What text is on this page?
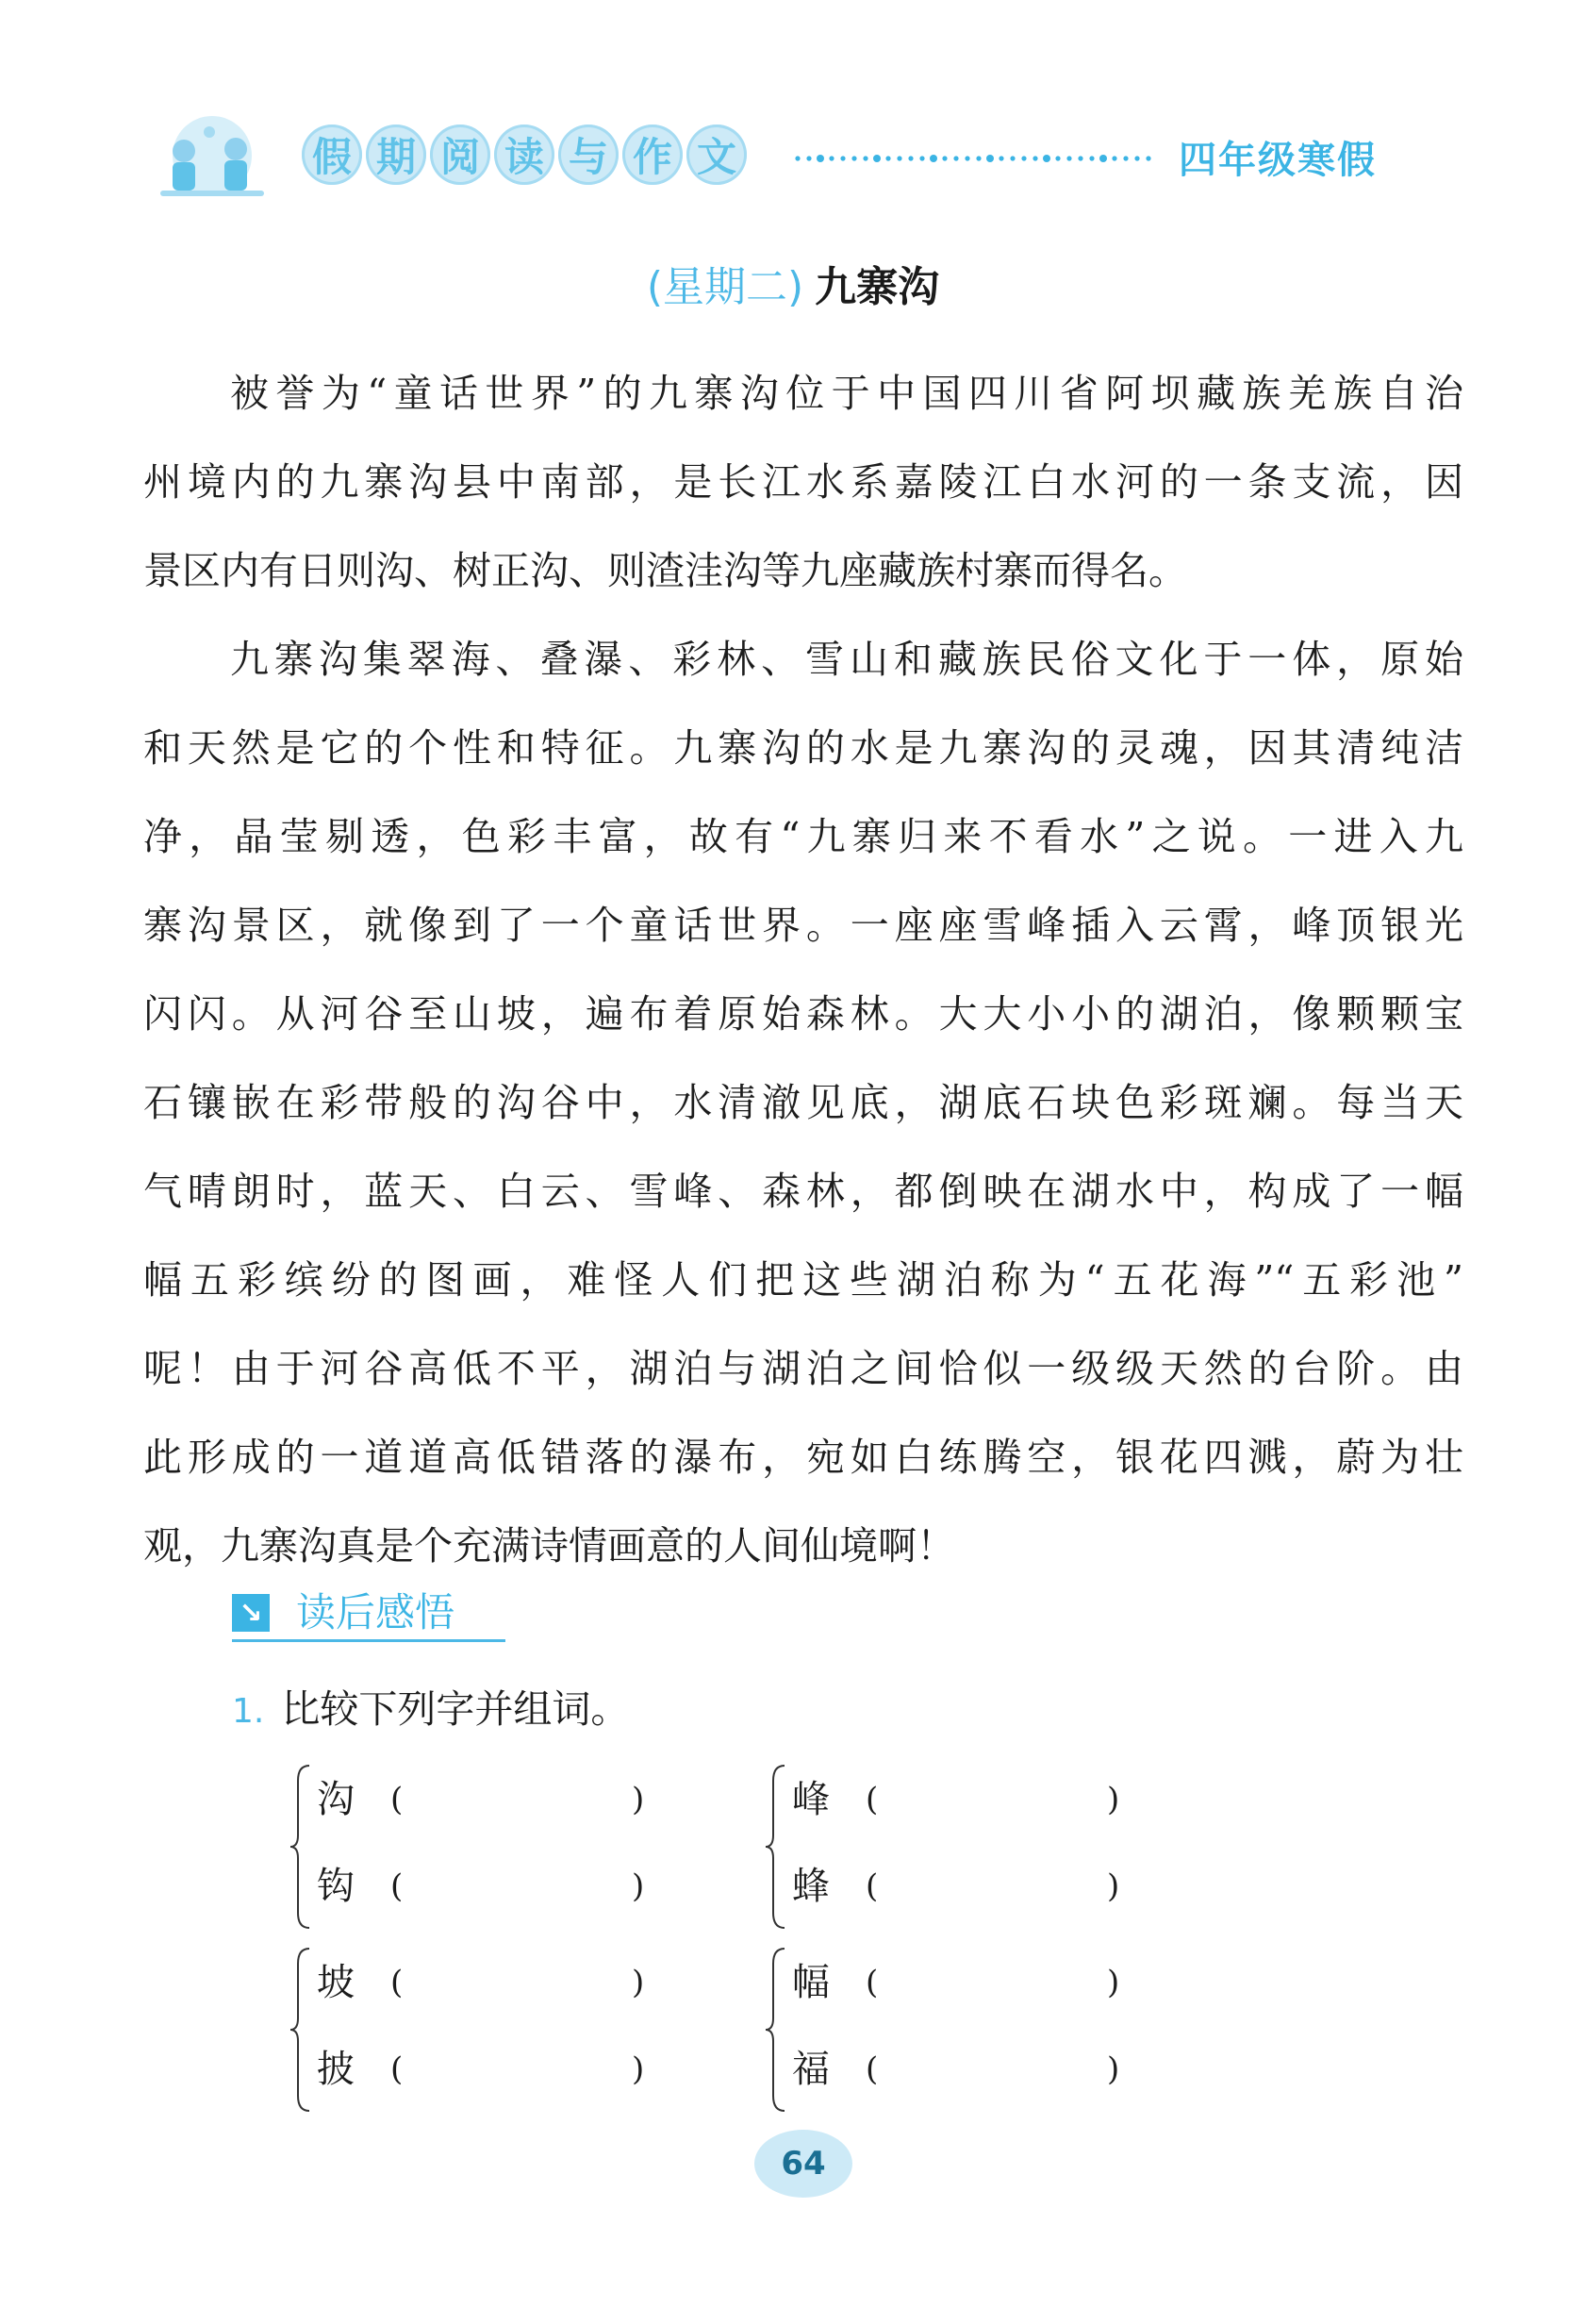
假 期 阅 读 与 作 文	四年级寒假
(星期二) 九寨沟
被誉为“童话世界”的九寨沟位于中国四川省阿坝藏族羌族自治
州境内的九寨沟县中南部，是长江水系嘉陵江白水河的一条支流，因
景区内有日则沟、树正沟、则渣洼沟等九座藏族村寨而得名。
九寨沟集翠海、叠瀑、彩林、雪山和藏族民俗文化于一体，原始
和天然是它的个性和特征。九寨沟的水是九寨沟的灵魂，因其清纯洁
净，晶莹剔透，色彩丰富，故有“九寨归来不看水”之说。一进入九
寨沟景区，就像到了一个童话世界。一座座雪峰插入云霄，峰顶银光
闪闪。从河谷至山坡，遍布着原始森林。大大小小的湖泊，像颗颗宝
石镶嵌在彩带般的沟谷中，水清澈见底，湖底石块色彩斑斓。每当天
气晴朗时，蓝天、白云、雪峰、森林，都倒映在湖水中，构成了一幅
幅五彩缤纷的图画，难怪人们把这些湖泊称为“五花海”“五彩池”
呢！由于河谷高低不平，湖泊与湖泊之间恰似一级级天然的台阶。由
此形成的一道道高低错落的瀑布，宛如白练腾空，银花四溅，蔚为壮
观，九寨沟真是个充满诗情画意的人间仙境啊！
↘ 读后感悟
1. 比较下列字并组词。
沟 (	)
钩 (	)
峰 (	)
蜂 (	)
坡 (	)
披 (	)
幅 (	)
福 (	)
64
